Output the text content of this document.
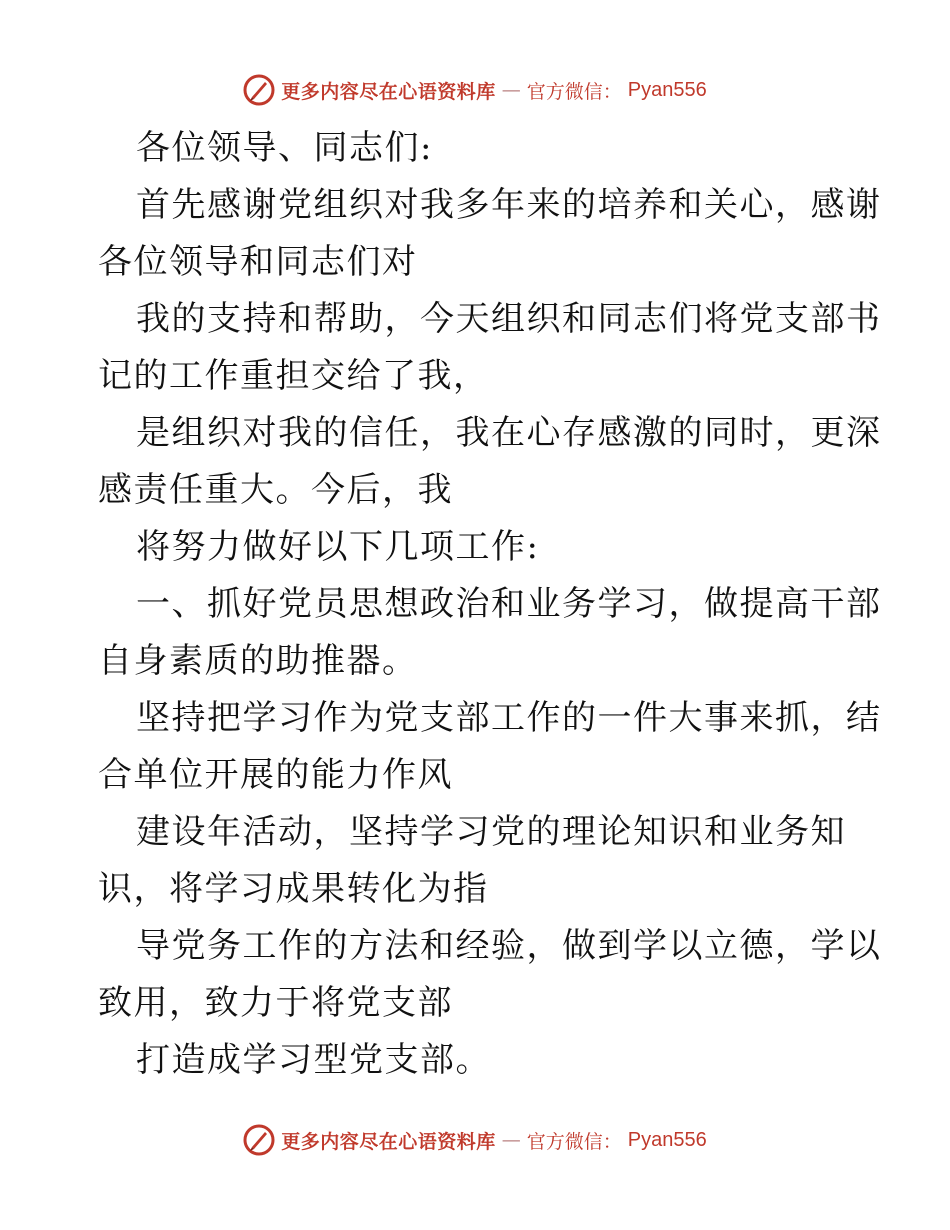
更多内容尽在心语资料库 — 官方微信： Pyan556

各位领导、同志们:

首先感谢党组织对我多年来的培养和关心，感谢

各位领导和同志们对

我的支持和帮助，今天组织和同志们将党支部书

记的工作重担交给了我，

是组织对我的信任，我在心存感激的同时，更深

感责任重大。今后，我

将努力做好以下几项工作:

一、抓好党员思想政治和业务学习，做提高干部

自身素质的助推器。

坚持把学习作为党支部工作的一件大事来抓，结

合单位开展的能力作风

建设年活动，坚持学习党的理论知识和业务知

识，将学习成果转化为指

导党务工作的方法和经验，做到学以立德，学以

致用，致力于将党支部

打造成学习型党支部。

更多内容尽在心语资料库 — 官方微信： Pyan556
